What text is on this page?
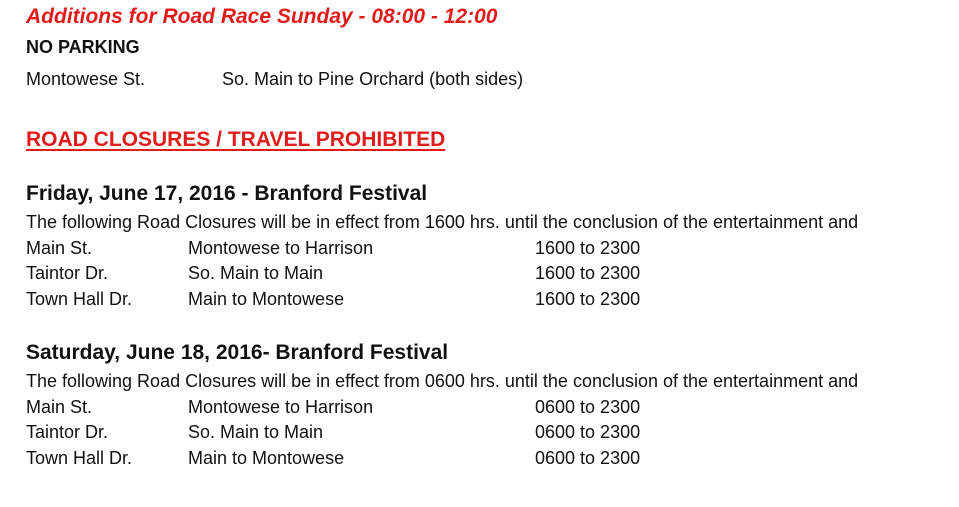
Additions for Road Race Sunday - 08:00 - 12:00
NO PARKING
Montowese St.	So. Main to Pine Orchard (both sides)
ROAD CLOSURES / TRAVEL PROHIBITED
Friday, June 17, 2016 - Branford Festival
The following Road Closures will be in effect from 1600 hrs. until the conclusion of the entertainment and
Main St.	Montowese to Harrison	1600 to 2300
Taintor Dr.	So. Main to Main	1600 to 2300
Town Hall Dr.	Main to Montowese	1600 to 2300
Saturday, June 18, 2016- Branford Festival
The following Road Closures will be in effect from 0600 hrs. until the conclusion of the entertainment and
Main St.	Montowese to Harrison	0600 to 2300
Taintor Dr.	So. Main to Main	0600 to 2300
Town Hall Dr.	Main to Montowese	0600 to 2300
